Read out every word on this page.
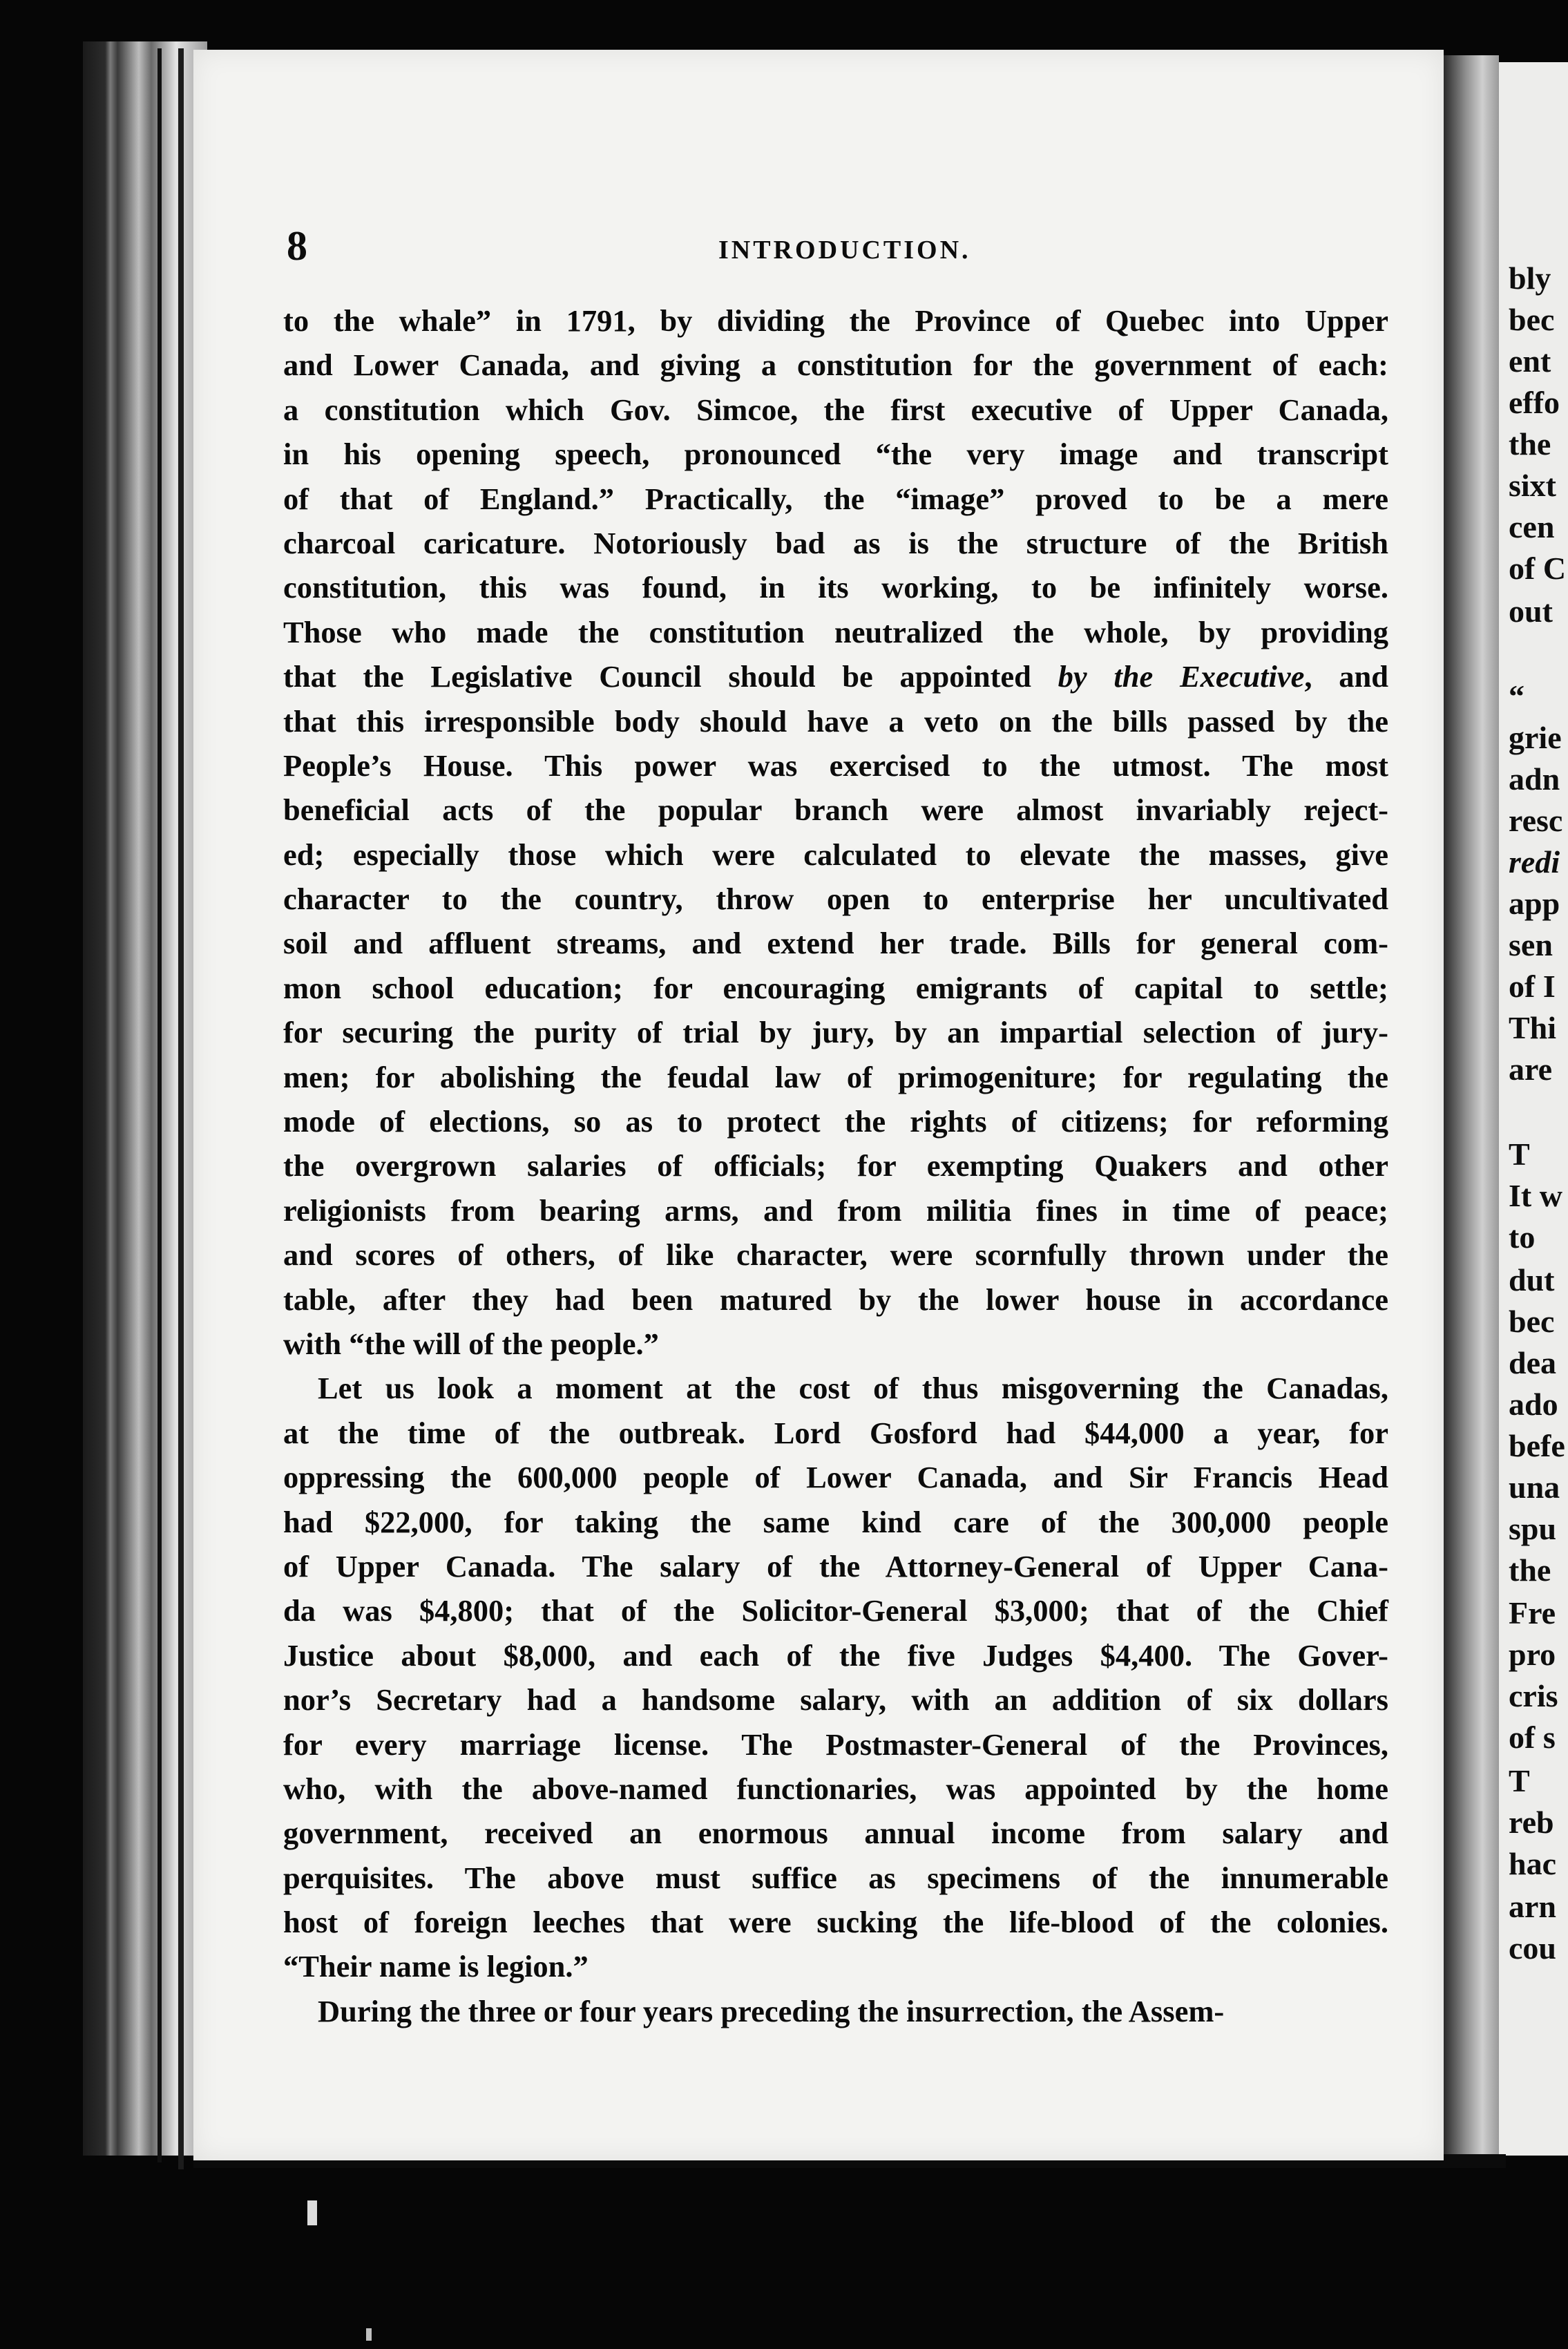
bly
bec
ent
effo
the
sixt
cen
of C
out
“
grie
adn
resc
redi
app
sen
of I
Thi
are
T
It w
to
dut
bec
dea
ado
befe
una
spu
the
Fre
pro
cris
of s
T
reb
hac
arn
cou
8	INTRODUCTION.
to the whale” in 1791, by dividing the Province of Quebec into Upper
and Lower Canada, and giving a constitution for the government of each:
a constitution which Gov. Simcoe, the first executive of Upper Canada,
in his opening speech, pronounced “the very image and transcript
of that of England.” Practically, the “image” proved to be a mere
charcoal caricature. Notoriously bad as is the structure of the British
constitution, this was found, in its working, to be infinitely worse.
Those who made the constitution neutralized the whole, by providing
that the Legislative Council should be appointed by the Executive, and
that this irresponsible body should have a veto on the bills passed by the
People’s House. This power was exercised to the utmost. The most
beneficial acts of the popular branch were almost invariably reject-
ed; especially those which were calculated to elevate the masses, give
character to the country, throw open to enterprise her uncultivated
soil and affluent streams, and extend her trade. Bills for general com-
mon school education; for encouraging emigrants of capital to settle;
for securing the purity of trial by jury, by an impartial selection of jury-
men; for abolishing the feudal law of primogeniture; for regulating the
mode of elections, so as to protect the rights of citizens; for reforming
the overgrown salaries of officials; for exempting Quakers and other
religionists from bearing arms, and from militia fines in time of peace;
and scores of others, of like character, were scornfully thrown under the
table, after they had been matured by the lower house in accordance
with “the will of the people.”
Let us look a moment at the cost of thus misgoverning the Canadas,
at the time of the outbreak. Lord Gosford had $44,000 a year, for
oppressing the 600,000 people of Lower Canada, and Sir Francis Head
had $22,000, for taking the same kind care of the 300,000 people
of Upper Canada. The salary of the Attorney-General of Upper Cana-
da was $4,800; that of the Solicitor-General $3,000; that of the Chief
Justice about $8,000, and each of the five Judges $4,400. The Gover-
nor’s Secretary had a handsome salary, with an addition of six dollars
for every marriage license. The Postmaster-General of the Provinces,
who, with the above-named functionaries, was appointed by the home
government, received an enormous annual income from salary and
perquisites. The above must suffice as specimens of the innumerable
host of foreign leeches that were sucking the life-blood of the colonies.
“Their name is legion.”
During the three or four years preceding the insurrection, the Assem-
